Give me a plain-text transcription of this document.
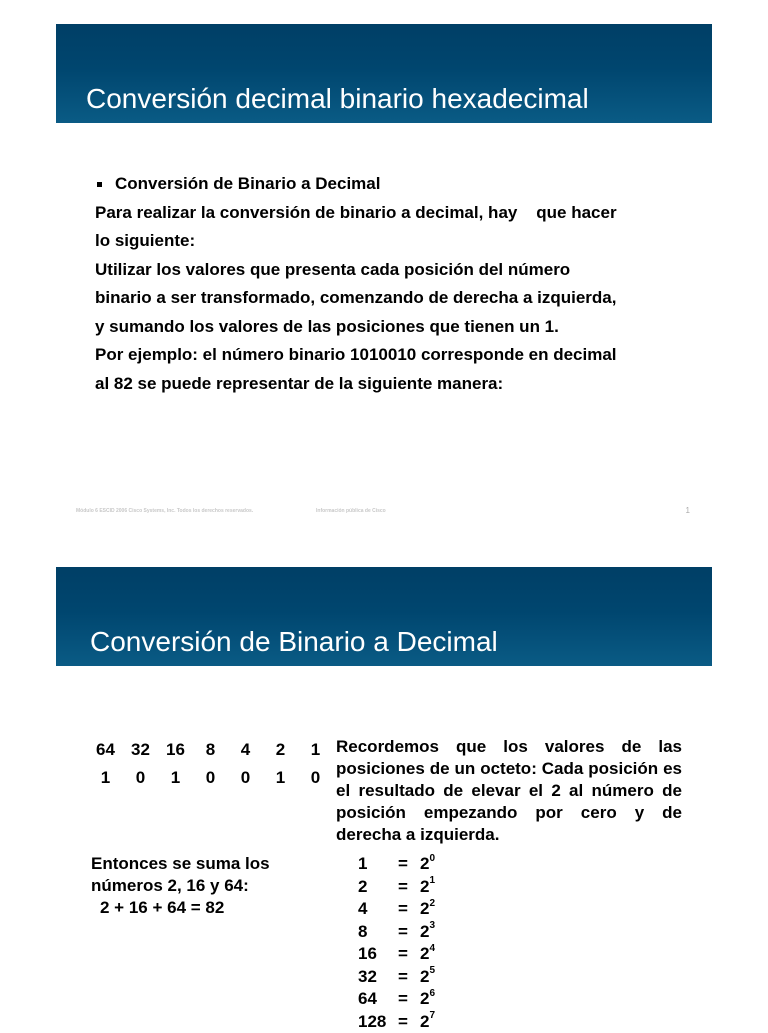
Conversión decimal binario hexadecimal
Conversión de Binario a Decimal
Para realizar la conversión de binario a decimal, hay    que hacer
lo siguiente:
Utilizar los valores que presenta cada posición del número
binario a ser transformado, comenzando de derecha a izquierda,
y sumando los valores de las posiciones que tienen un 1.
Por ejemplo: el número binario 1010010 corresponde en decimal
al 82 se puede representar de la siguiente manera:
Módulo 6 ESCID 2006 Cisco Systems, Inc. Todos los derechos reservados.	Información pública de Cisco	1
Conversión de Binario a Decimal
64 32 16	8	4	2	1
1	0	1	0	0	1	0
Recordemos que los valores de las posiciones de un octeto: Cada posición es el resultado de elevar el 2 al número de posición empezando por cero y de derecha a izquierda.
Entonces se suma los
números 2, 16 y 64:
2 + 16 + 64 = 82
1	= $2^0$
2	= $2^1$
4	= $2^2$
8	= $2^3$
16	= $2^4$
32	= $2^5$
64	= $2^6$
$128 = 2^7$
